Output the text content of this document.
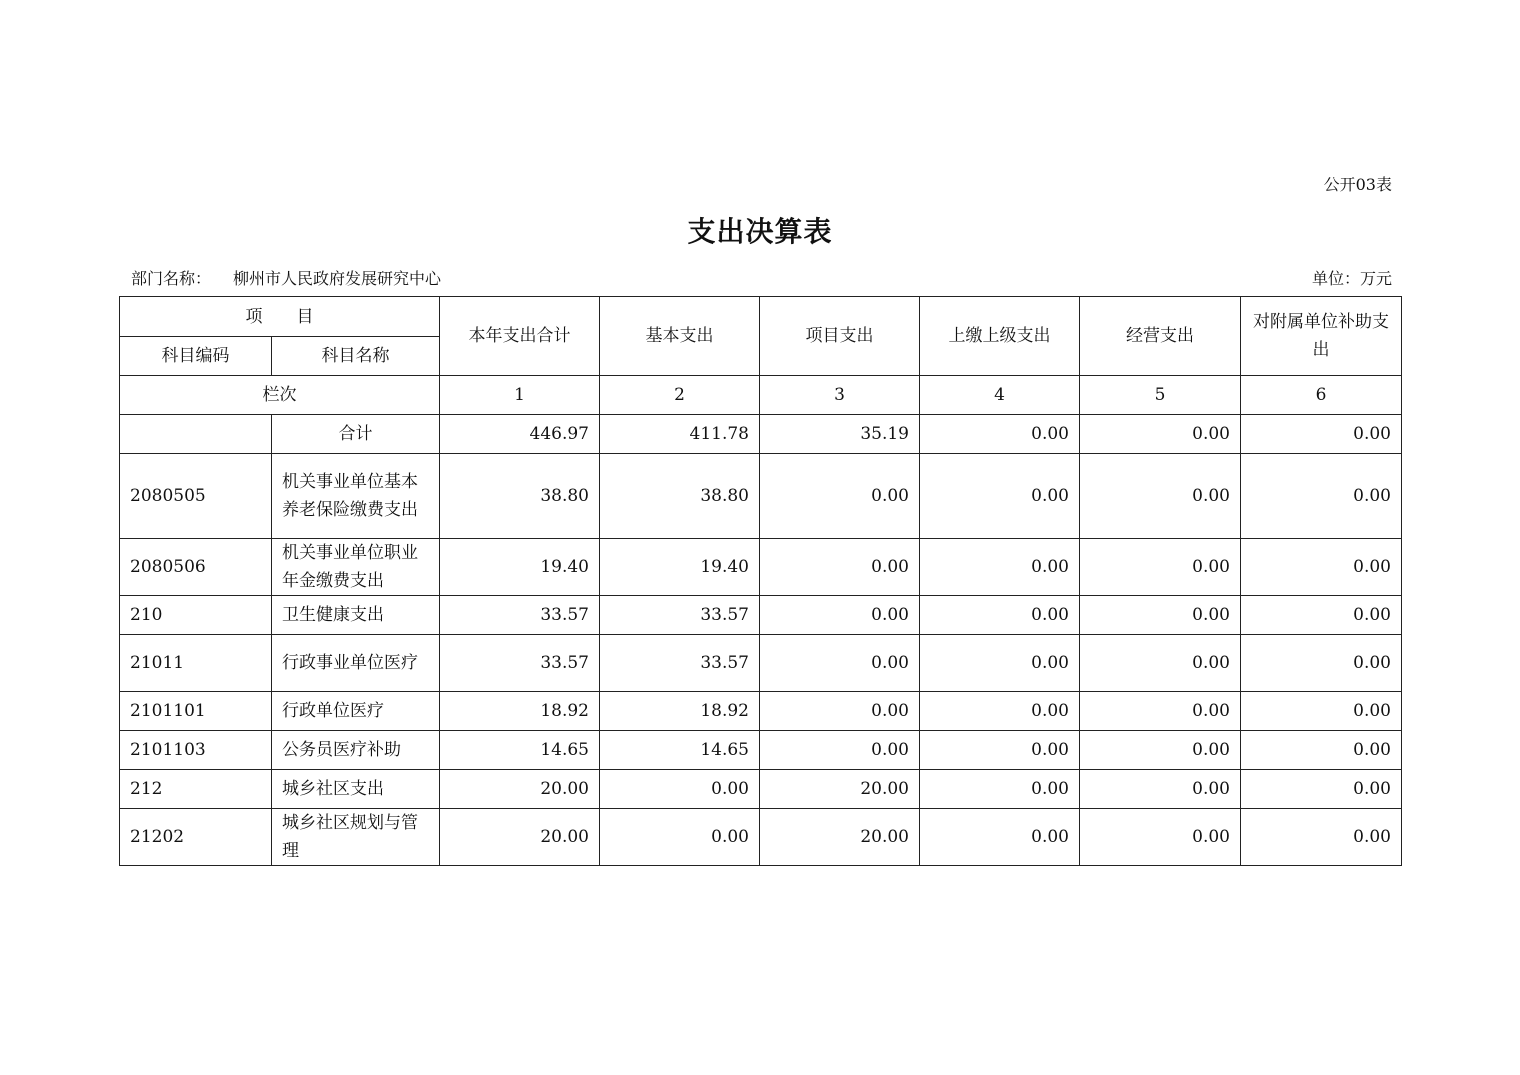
公开03表
支出决算表
部门名称： 柳州市人民政府发展研究中心	单位：万元
项　　目		本年支出合计	基本支出	项目支出	上缴上级支出	经营支出	对附属单位补助支出
科目编码	科目名称						
栏次		1	2	3	4	5	6
	合计	446.97	411.78	35.19	0.00	0.00	0.00
2080505	机关事业单位基本养老保险缴费支出	38.80	38.80	0.00	0.00	0.00	0.00
2080506	机关事业单位职业年金缴费支出	19.40	19.40	0.00	0.00	0.00	0.00
210	卫生健康支出	33.57	33.57	0.00	0.00	0.00	0.00
21011	行政事业单位医疗	33.57	33.57	0.00	0.00	0.00	0.00
2101101	行政单位医疗	18.92	18.92	0.00	0.00	0.00	0.00
2101103	公务员医疗补助	14.65	14.65	0.00	0.00	0.00	0.00
212	城乡社区支出	20.00	0.00	20.00	0.00	0.00	0.00
21202	城乡社区规划与管理	20.00	0.00	20.00	0.00	0.00	0.00
